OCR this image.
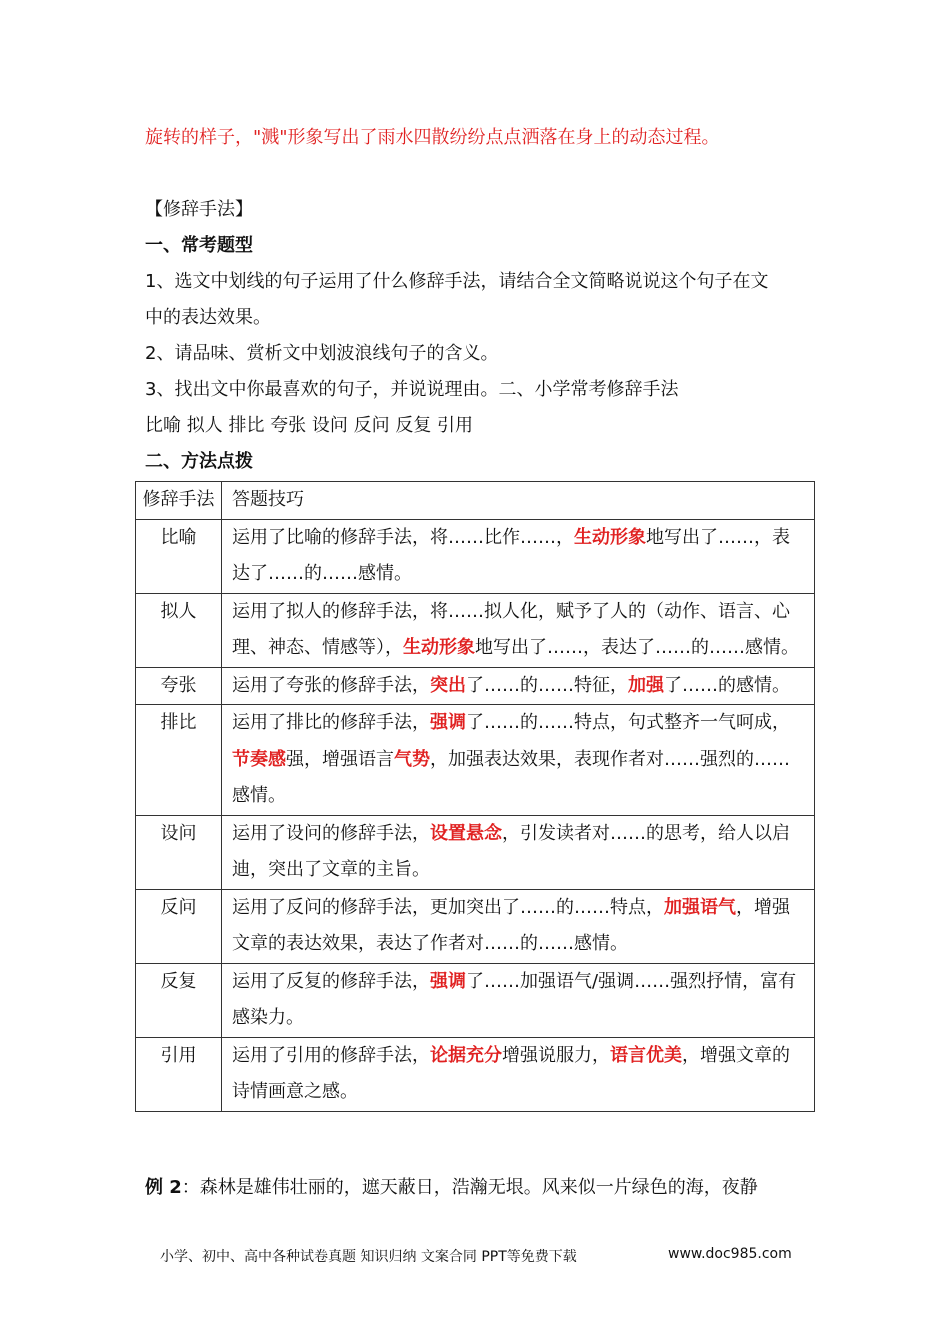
旋转的样子，"溅"形象写出了雨水四散纷纷点点洒落在身上的动态过程。
【修辞手法】
一、常考题型
1、选文中划线的句子运用了什么修辞手法，请结合全文简略说说这个句子在文
中的表达效果。
2、请品味、赏析文中划波浪线句子的含义。
3、找出文中你最喜欢的句子，并说说理由。二、小学常考修辞手法
比喻 拟人 排比 夸张 设问 反问 反复 引用
二、方法点拨
修辞手法	答题技巧
比喻	运用了比喻的修辞手法，将……比作……，生动形象地写出了……，表达了……的……感情。
拟人	运用了拟人的修辞手法，将……拟人化，赋予了人的（动作、语言、心理、神态、情感等），生动形象地写出了……，表达了……的……感情。
夸张	运用了夸张的修辞手法，突出了……的……特征，加强了……的感情。
排比	运用了排比的修辞手法，强调了……的……特点，句式整齐一气呵成，节奏感强，增强语言气势，加强表达效果，表现作者对……强烈的……感情。
设问	运用了设问的修辞手法，设置悬念，引发读者对……的思考，给人以启迪，突出了文章的主旨。
反问	运用了反问的修辞手法，更加突出了……的……特点，加强语气，增强文章的表达效果，表达了作者对……的……感情。
反复	运用了反复的修辞手法，强调了……加强语气/强调……强烈抒情，富有感染力。
引用	运用了引用的修辞手法，论据充分增强说服力，语言优美，增强文章的诗情画意之感。
例 2：森林是雄伟壮丽的，遮天蔽日，浩瀚无垠。风来似一片绿色的海，夜静
小学、初中、高中各种试卷真题 知识归纳 文案合同 PPT等免费下载	www.doc985.com
